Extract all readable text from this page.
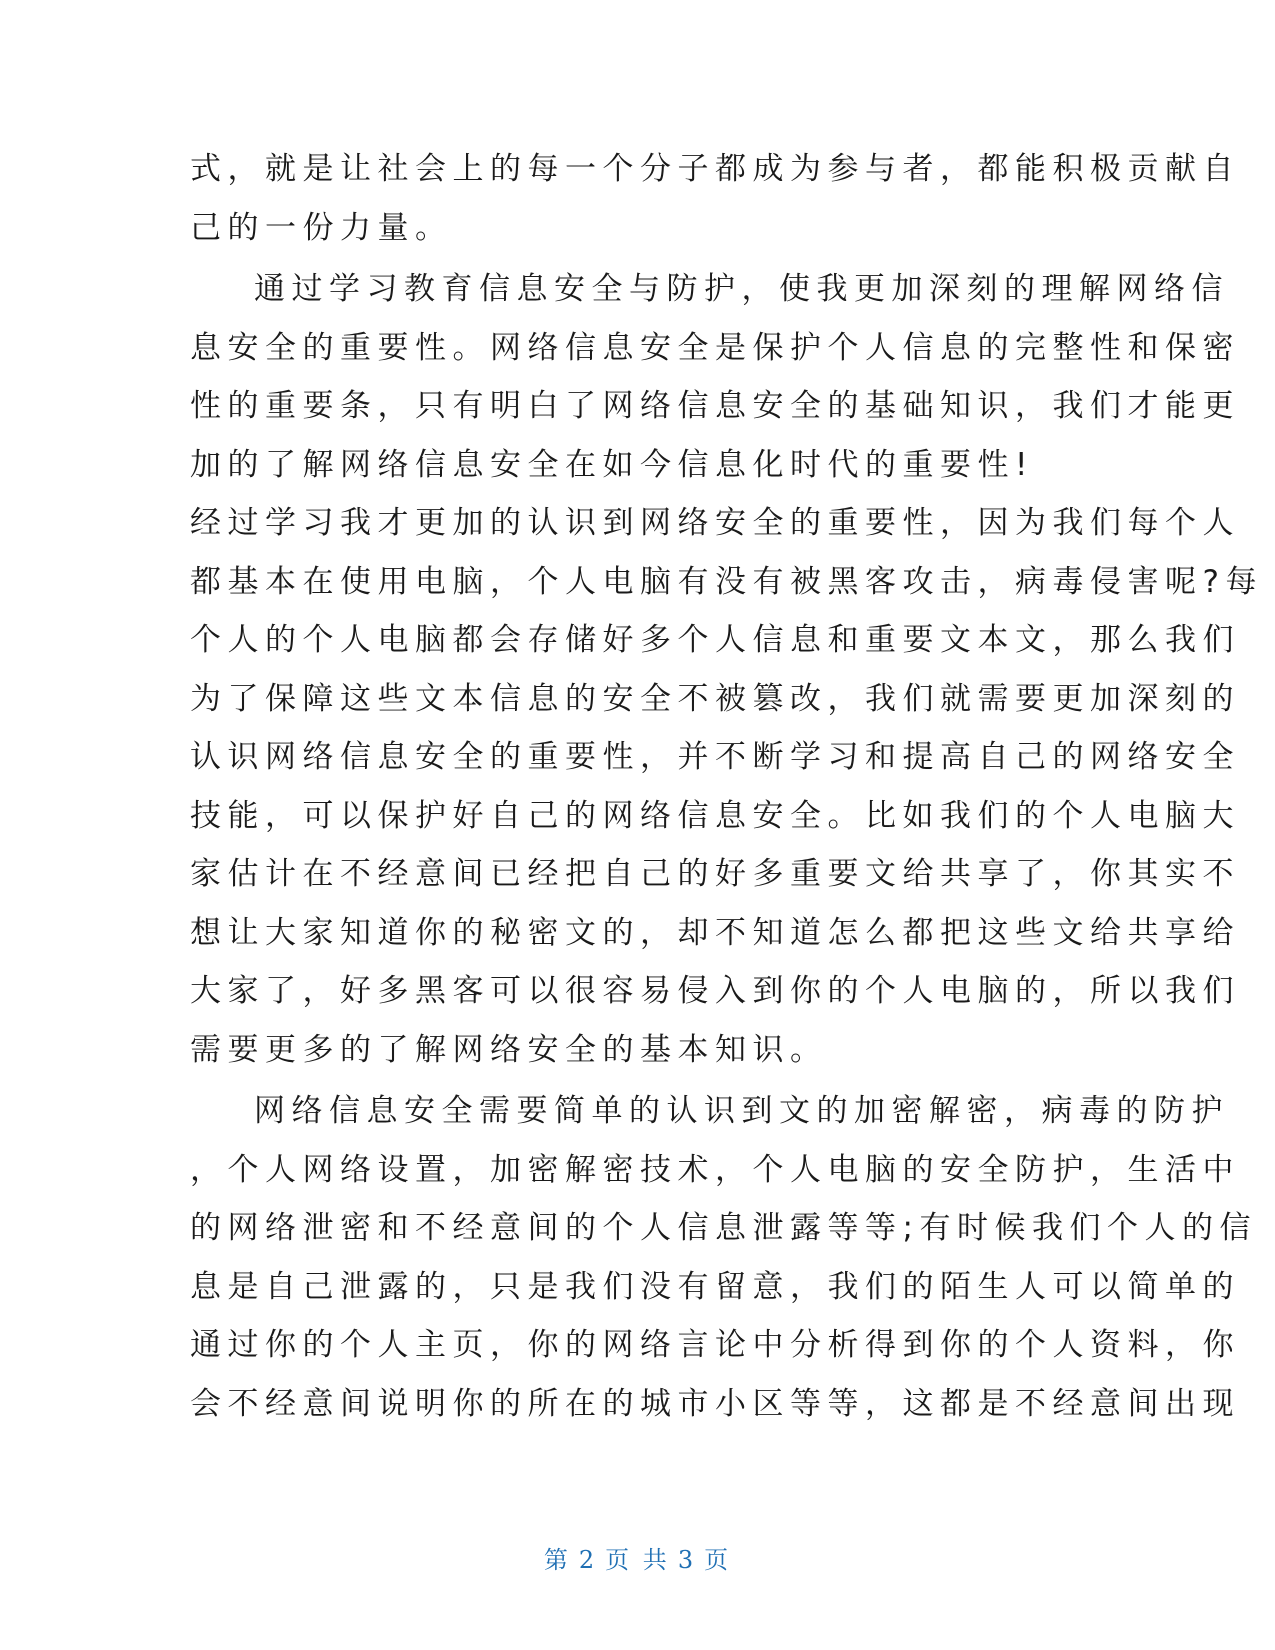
式，就是让社会上的每一个分子都成为参与者，都能积极贡献自
己的一份力量。
通过学习教育信息安全与防护，使我更加深刻的理解网络信
息安全的重要性。网络信息安全是保护个人信息的完整性和保密
性的重要条，只有明白了网络信息安全的基础知识，我们才能更
加的了解网络信息安全在如今信息化时代的重要性!
经过学习我才更加的认识到网络安全的重要性，因为我们每个人
都基本在使用电脑，个人电脑有没有被黑客攻击，病毒侵害呢?每
个人的个人电脑都会存储好多个人信息和重要文本文，那么我们
为了保障这些文本信息的安全不被篡改，我们就需要更加深刻的
认识网络信息安全的重要性，并不断学习和提高自己的网络安全
技能，可以保护好自己的网络信息安全。比如我们的个人电脑大
家估计在不经意间已经把自己的好多重要文给共享了，你其实不
想让大家知道你的秘密文的，却不知道怎么都把这些文给共享给
大家了，好多黑客可以很容易侵入到你的个人电脑的，所以我们
需要更多的了解网络安全的基本知识。
网络信息安全需要简单的认识到文的加密解密，病毒的防护
，个人网络设置，加密解密技术，个人电脑的安全防护，生活中
的网络泄密和不经意间的个人信息泄露等等;有时候我们个人的信
息是自己泄露的，只是我们没有留意，我们的陌生人可以简单的
通过你的个人主页，你的网络言论中分析得到你的个人资料，你
会不经意间说明你的所在的城市小区等等，这都是不经意间出现
第 2 页 共 3 页
